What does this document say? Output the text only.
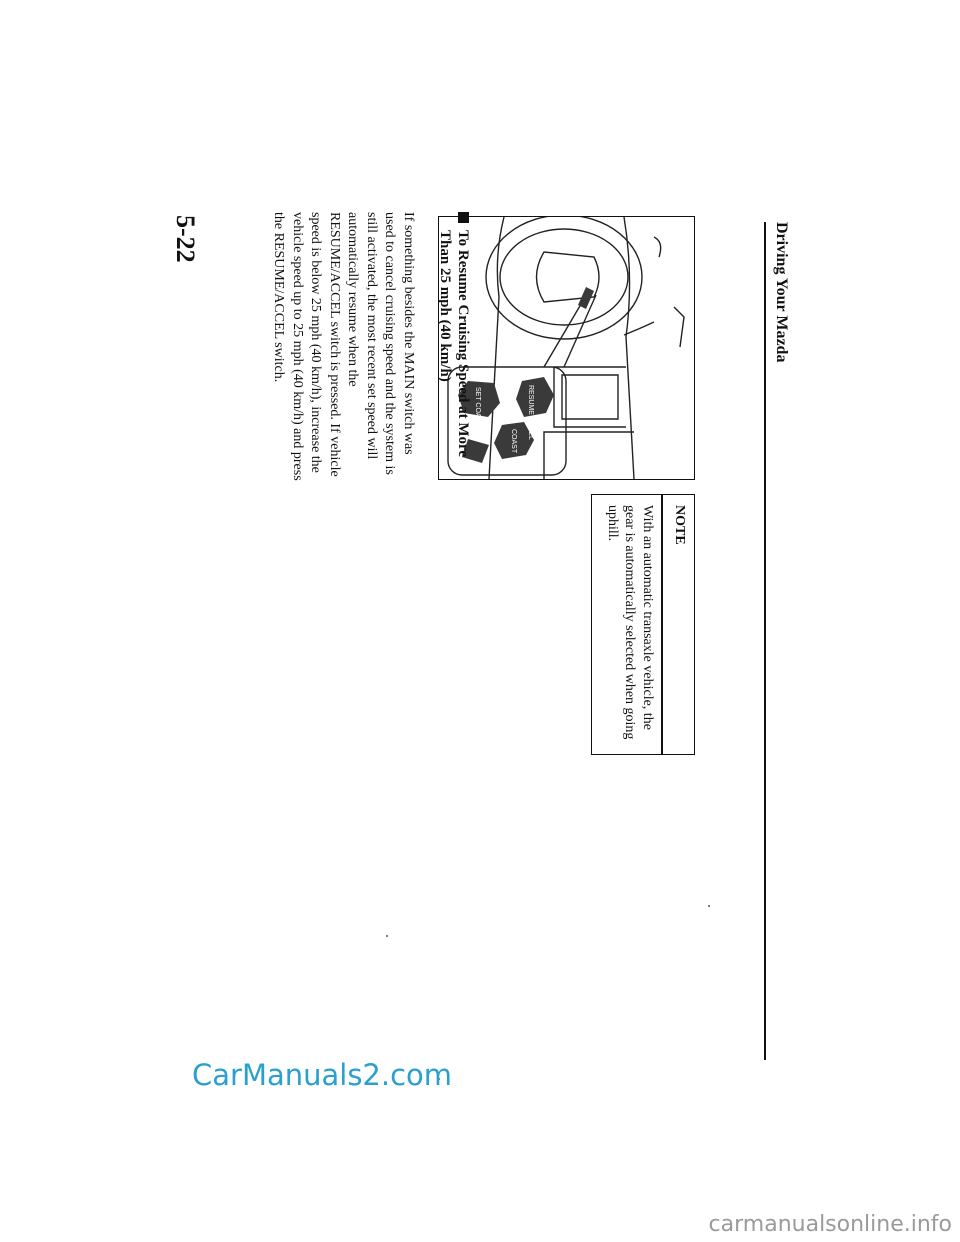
Driving Your Mazda
5-22
RESUME ACCEL
COAST
SET COAST
To Resume Cruising Speed at More
Than 25 mph (40 km/h)
If something besides the MAIN switch was used to cancel cruising speed and the system is still activated, the most recent set speed will automatically resume when the RESUME/ACCEL switch is pressed. If vehicle speed is below 25 mph (40 km/h), increase the vehicle speed up to 25 mph (40 km/h) and press the RESUME/ACCEL switch.
NOTE
With an automatic transaxle vehicle, the gear is automatically selected when going uphill.
CarManuals2.com
carmanualsonline.info
